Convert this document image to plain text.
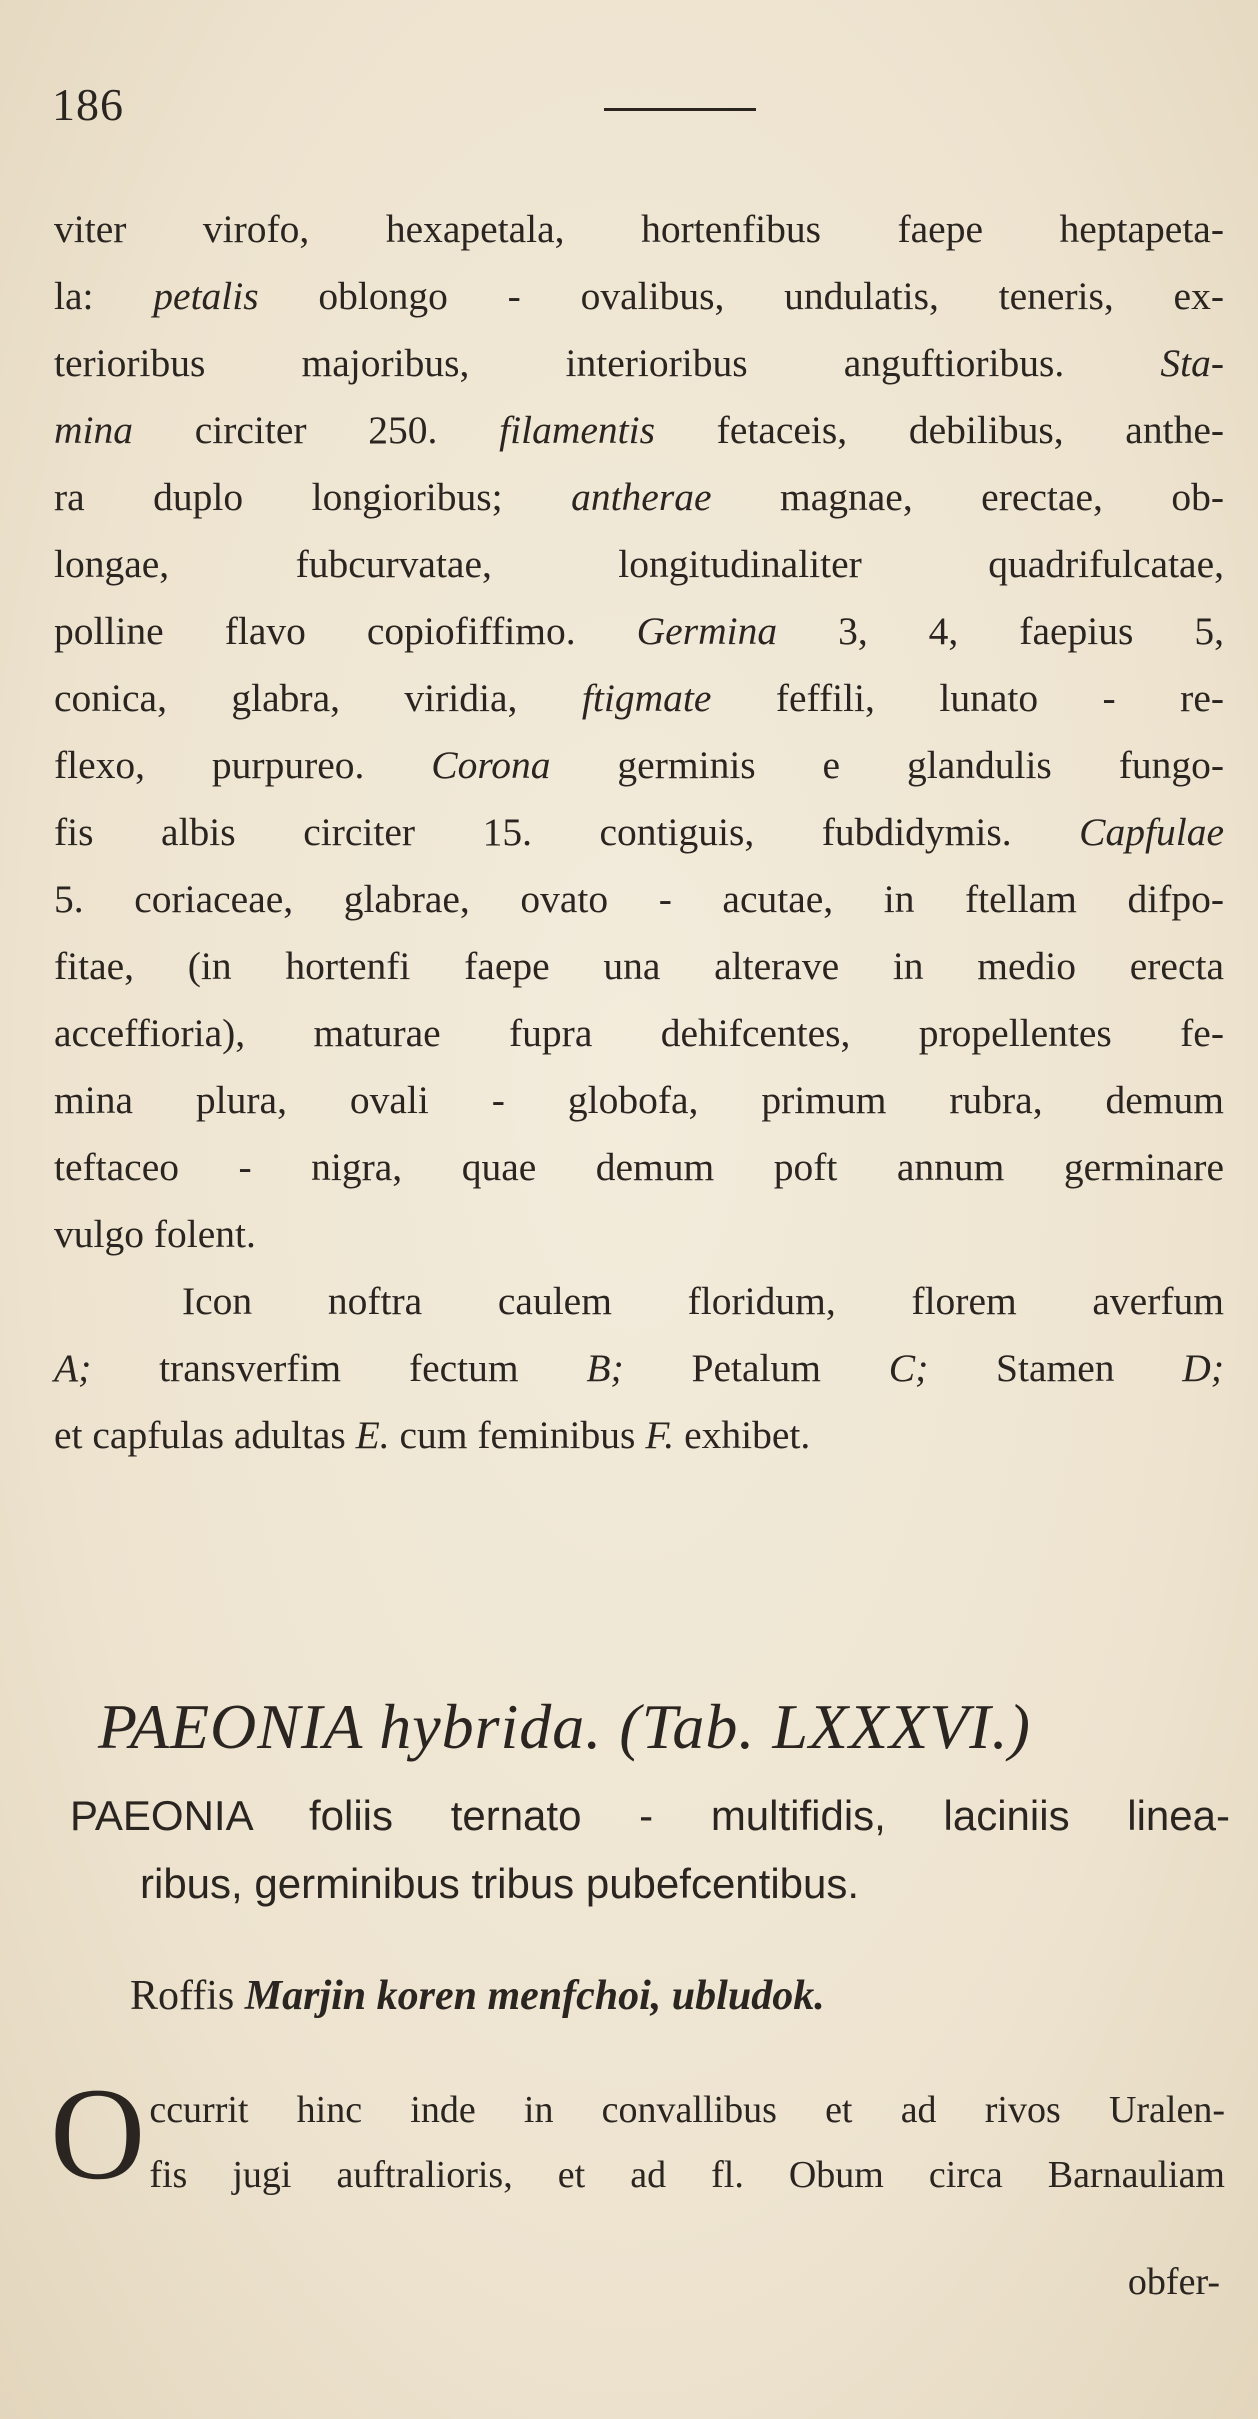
186
viter virofo, hexapetala, hortenfibus faepe heptapeta-
la: petalis oblongo - ovalibus, undulatis, teneris, ex-
terioribus majoribus, interioribus anguftioribus. Sta-
mina circiter 250. filamentis fetaceis, debilibus, anthe-
ra duplo longioribus; antherae magnae, erectae, ob-
longae, fubcurvatae, longitudinaliter quadrifulcatae,
polline flavo copiofiffimo. Germina 3, 4, faepius 5,
conica, glabra, viridia, ftigmate feffili, lunato - re-
flexo, purpureo. Corona germinis e glandulis fungo-
fis albis circiter 15. contiguis, fubdidymis. Capfulae
5. coriaceae, glabrae, ovato - acutae, in ftellam difpo-
fitae, (in hortenfi faepe una alterave in medio erecta
acceffioria), maturae fupra dehifcentes, propellentes fe-
mina plura, ovali - globofa, primum rubra, demum
teftaceo - nigra, quae demum poft annum germinare
vulgo folent.
Icon noftra caulem floridum, florem averfum
A; transverfim fectum B; Petalum C; Stamen D;
et capfulas adultas E. cum feminibus F. exhibet.
PAEONIA hybrida. (Tab. LXXXVI.)
PAEONIA foliis ternato - multifidis, laciniis linea-
ribus, germinibus tribus pubefcentibus.
Roffis Marjin koren menfchoi, ubludok.
O ccurrit hinc inde in convallibus et ad rivos Uralen-
fis jugi auftralioris, et ad fl. Obum circa Barnauliam
obfer-
